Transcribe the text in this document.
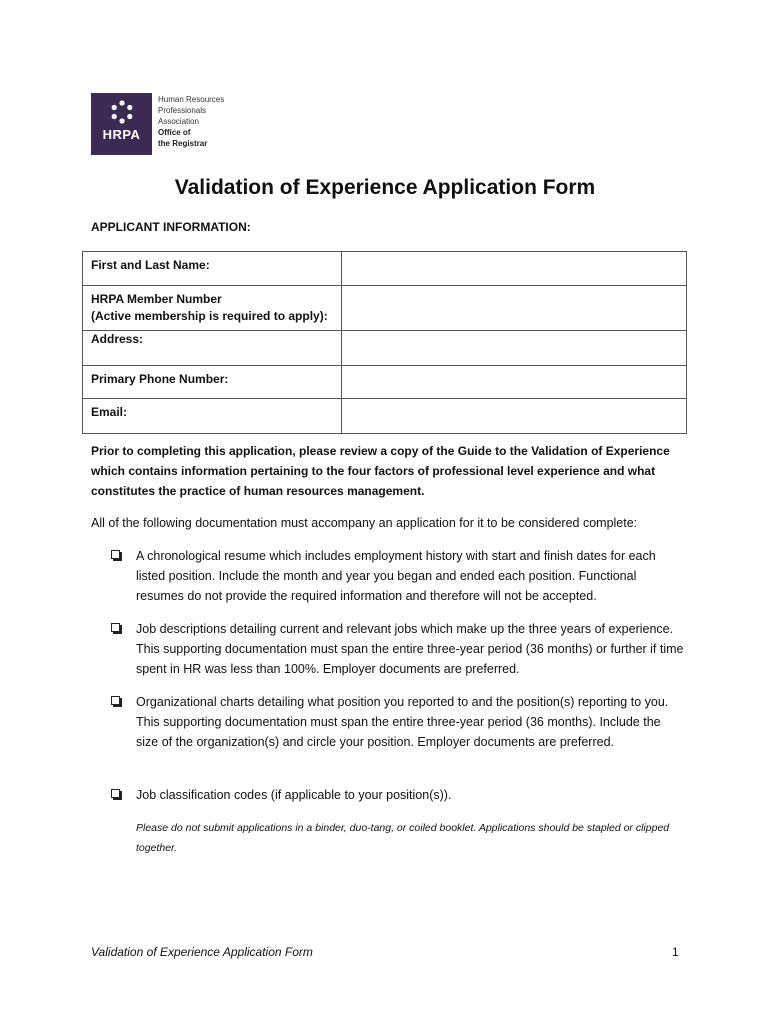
HRPA
Human Resources
Professionals
Association
Office of
the Registrar
Validation of Experience Application Form
APPLICANT INFORMATION:
First and Last Name:	

HRPA Member Number
(Active membership is required to apply):	

Address:	
Primary Phone Number:	
Email:	
Prior to completing this application, please review a copy of the Guide to the Validation of Experience which contains information pertaining to the four factors of professional level experience and what constitutes the practice of human resources management.
All of the following documentation must accompany an application for it to be considered complete:
A chronological resume which includes employment history with start and finish dates for each listed position. Include the month and year you began and ended each position. Functional resumes do not provide the required information and therefore will not be accepted.
Job descriptions detailing current and relevant jobs which make up the three years of experience. This supporting documentation must span the entire three-year period (36 months) or further if time spent in HR was less than 100%. Employer documents are preferred.
Organizational charts detailing what position you reported to and the position(s) reporting to you. This supporting documentation must span the entire three-year period (36 months). Include the size of the organization(s) and circle your position. Employer documents are preferred.
Job classification codes (if applicable to your position(s)).
Please do not submit applications in a binder, duo-tang, or coiled booklet. Applications should be stapled or clipped together.
Validation of Experience Application Form	1
